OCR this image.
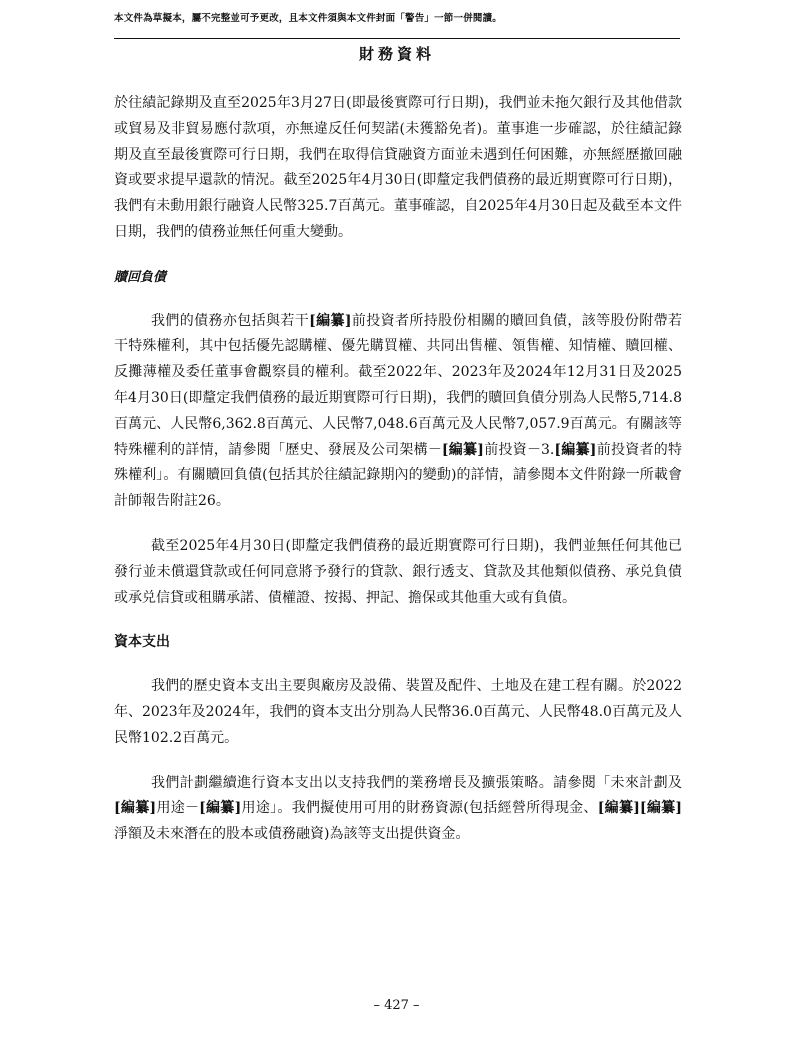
本文件為草擬本，屬不完整並可予更改，且本文件須與本文件封面「警告」一節一併閱讀。
財務資料

於往績記錄期及直至2025年3月27日(即最後實際可行日期)，我們並未拖欠銀行及其他借款或貿易及非貿易應付款項，亦無違反任何契諾(未獲豁免者)。董事進一步確認，於往績記錄期及直至最後實際可行日期，我們在取得信貸融資方面並未遇到任何困難，亦無經歷撤回融資或要求提早還款的情況。截至2025年4月30日(即釐定我們債務的最近期實際可行日期)，我們有未動用銀行融資人民幣325.7百萬元。董事確認，自2025年4月30日起及截至本文件日期，我們的債務並無任何重大變動。

贖回負債

我們的債務亦包括與若干[編纂]前投資者所持股份相關的贖回負債，該等股份附帶若干特殊權利，其中包括優先認購權、優先購買權、共同出售權、領售權、知情權、贖回權、反攤薄權及委任董事會觀察員的權利。截至2022年、2023年及2024年12月31日及2025年4月30日(即釐定我們債務的最近期實際可行日期)，我們的贖回負債分別為人民幣5,714.8百萬元、人民幣6,362.8百萬元、人民幣7,048.6百萬元及人民幣7,057.9百萬元。有關該等特殊權利的詳情，請參閱「歷史、發展及公司架構－[編纂]前投資－3.[編纂]前投資者的特殊權利」。有關贖回負債(包括其於往績記錄期內的變動)的詳情，請參閱本文件附錄一所載會計師報告附註26。

截至2025年4月30日(即釐定我們債務的最近期實際可行日期)，我們並無任何其他已發行並未償還貸款或任何同意將予發行的貸款、銀行透支、貸款及其他類似債務、承兑負債或承兑信貸或租購承諾、債權證、按揭、押記、擔保或其他重大或有負債。

資本支出

我們的歷史資本支出主要與廠房及設備、裝置及配件、土地及在建工程有關。於2022年、2023年及2024年，我們的資本支出分別為人民幣36.0百萬元、人民幣48.0百萬元及人民幣102.2百萬元。

我們計劃繼續進行資本支出以支持我們的業務增長及擴張策略。請參閱「未來計劃及[編纂]用途－[編纂]用途」。我們擬使用可用的財務資源(包括經營所得現金、[編纂][編纂]淨額及未來潛在的股本或債務融資)為該等支出提供資金。

– 427 –
